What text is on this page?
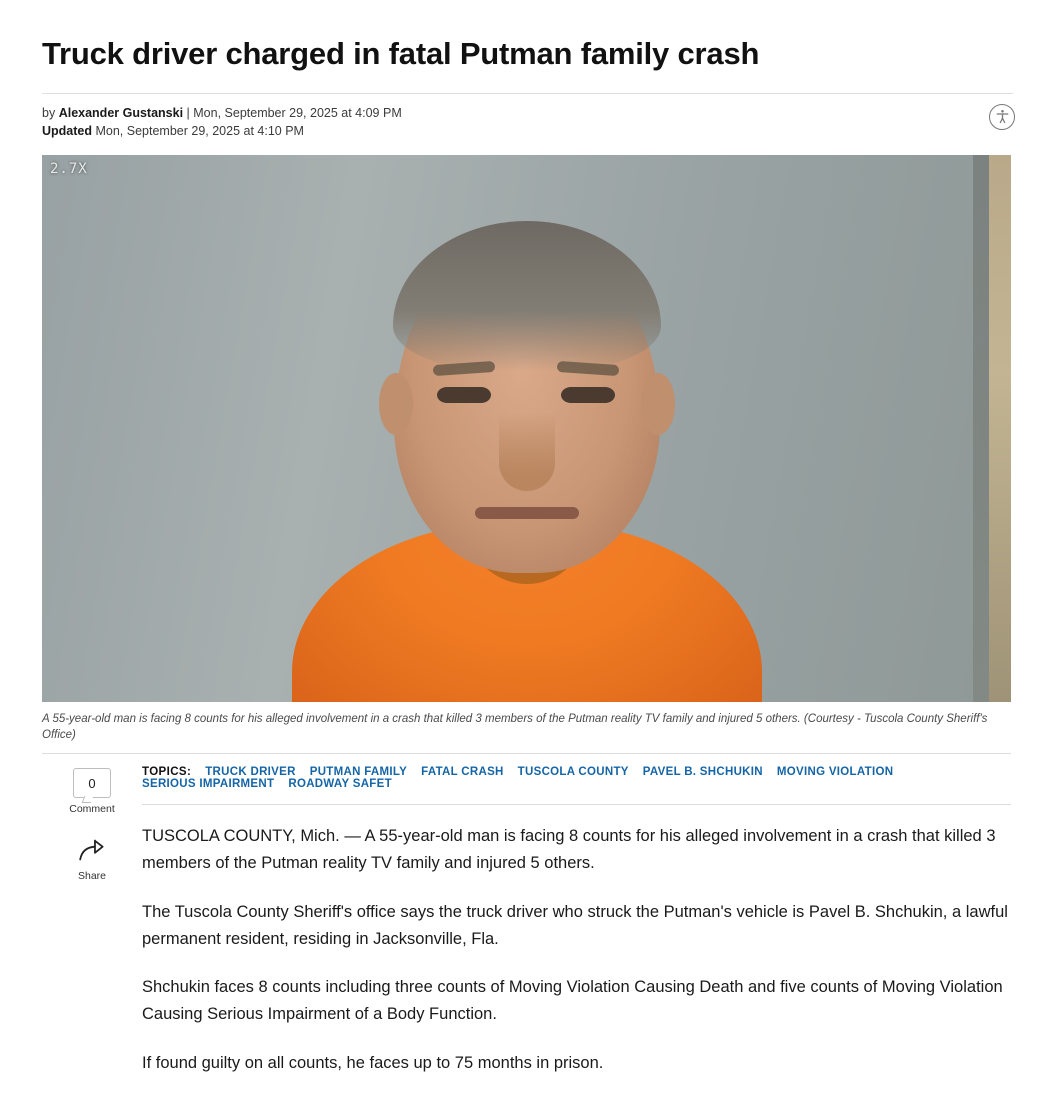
Truck driver charged in fatal Putman family crash
by Alexander Gustanski | Mon, September 29, 2025 at 4:09 PM
Updated Mon, September 29, 2025 at 4:10 PM
2.7X
A 55-year-old man is facing 8 counts for his alleged involvement in a crash that killed 3 members of the Putman reality TV family and injured 5 others. (Courtesy - Tuscola County Sheriff's Office)
0
Comment
Share
TOPICS: TRUCK DRIVER PUTMAN FAMILY FATAL CRASH TUSCOLA COUNTY PAVEL B. SHCHUKIN MOVING VIOLATION
SERIOUS IMPAIRMENT ROADWAY SAFET

TUSCOLA COUNTY, Mich. — A 55-year-old man is facing 8 counts for his alleged involvement in a crash that killed 3 members of the Putman reality TV family and injured 5 others.

The Tuscola County Sheriff's office says the truck driver who struck the Putman's vehicle is Pavel B. Shchukin, a lawful permanent resident, residing in Jacksonville, Fla.

Shchukin faces 8 counts including three counts of Moving Violation Causing Death and five counts of Moving Violation Causing Serious Impairment of a Body Function.

If found guilty on all counts, he faces up to 75 months in prison.
